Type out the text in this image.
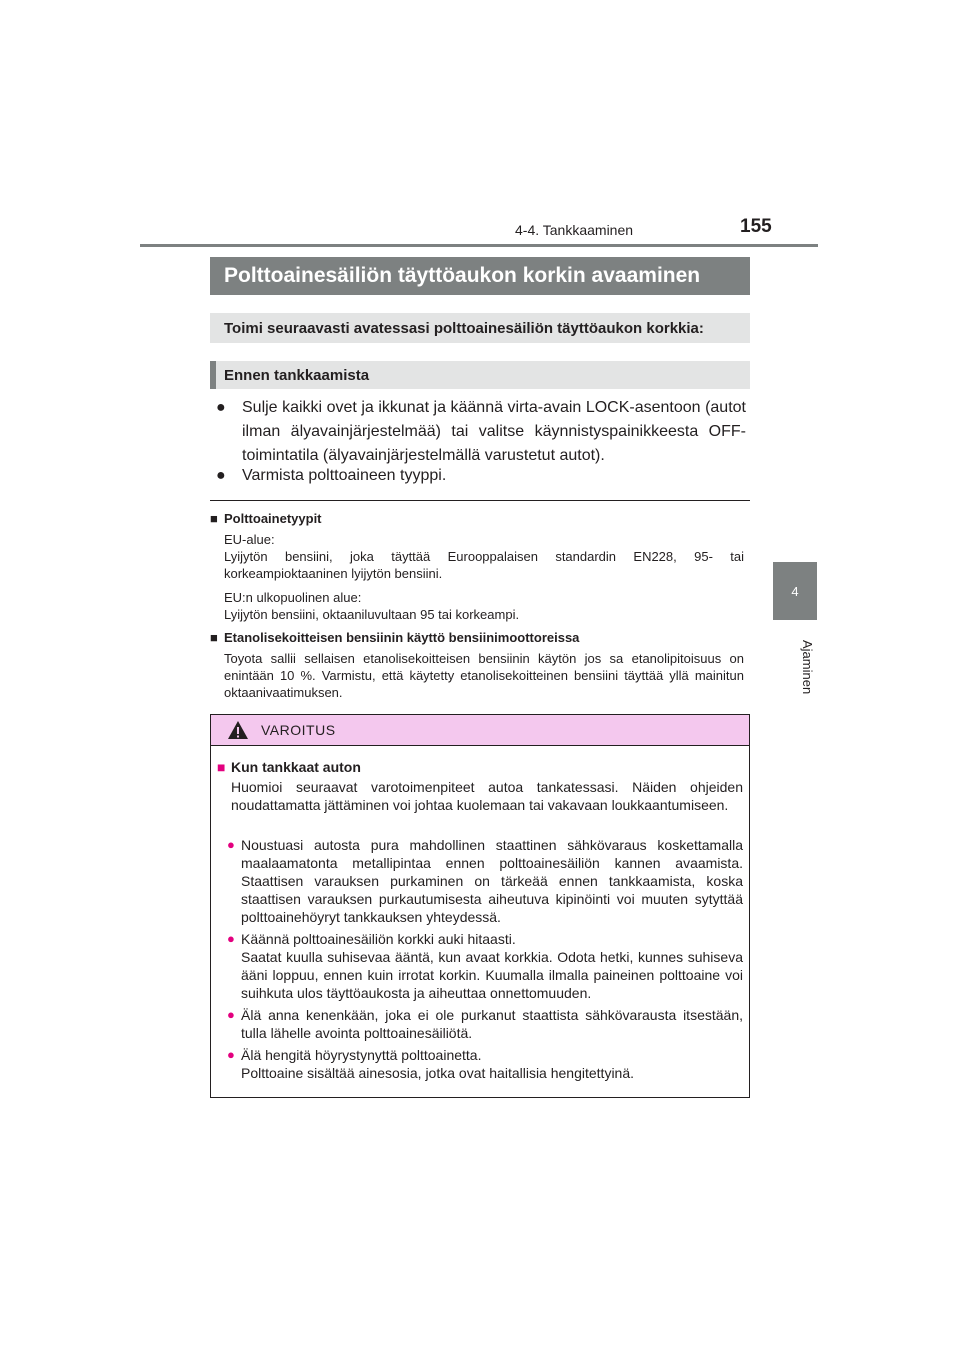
4-4. Tankkaaminen	155
4
Ajaminen
Polttoainesäiliön täyttöaukon korkin avaaminen
Toimi seuraavasti avatessasi polttoainesäiliön täyttöaukon korkkia:
Ennen tankkaamista
●	Sulje kaikki ovet ja ikkunat ja käännä virta-avain LOCK-asentoon (autot ilman älyavainjärjestelmää) tai valitse käynnistyspainikkeesta OFF-toimintatila (älyavainjärjestelmällä varustetut autot).
●	Varmista polttoaineen tyyppi.
■ Polttoainetyypit
EU-alue:
Lyijytön bensiini, joka täyttää Eurooppalaisen standardin EN228, 95- tai korkeampioktaaninen lyijytön bensiini.
EU:n ulkopuolinen alue:
Lyijytön bensiini, oktaaniluvultaan 95 tai korkeampi.
■ Etanolisekoitteisen bensiinin käyttö bensiinimoottoreissa
Toyota sallii sellaisen etanolisekoitteisen bensiinin käytön jos sa etanolipitoisuus on enintään 10 %. Varmistu, että käytetty etanolisekoitteinen bensiini täyttää yllä mainitun oktaanivaatimuksen.
VAROITUS
■ Kun tankkaat auton
Huomioi seuraavat varotoimenpiteet autoa tankatessasi. Näiden ohjeiden noudattamatta jättäminen voi johtaa kuolemaan tai vakavaan loukkaantumiseen.
● Noustuasi autosta pura mahdollinen staattinen sähkövaraus koskettamalla maalaamatonta metallipintaa ennen polttoainesäiliön kannen avaamista. Staattisen varauksen purkaminen on tärkeää ennen tankkaamista, koska staattisen varauksen purkautumisesta aiheutuva kipinöinti voi muuten sytyttää polttoainehöyryt tankkauksen yhteydessä.
● Käännä polttoainesäiliön korkki auki hitaasti.
Saatat kuulla suhisevaa ääntä, kun avaat korkkia. Odota hetki, kunnes suhiseva ääni loppuu, ennen kuin irrotat korkin. Kuumalla ilmalla paineinen polttoaine voi suihkuta ulos täyttöaukosta ja aiheuttaa onnettomuuden.
● Älä anna kenenkään, joka ei ole purkanut staattista sähkövarausta itsestään, tulla lähelle avointa polttoainesäiliötä.
● Älä hengitä höyrystynyttä polttoainetta.
Polttoaine sisältää ainesosia, jotka ovat haitallisia hengitettyinä.
